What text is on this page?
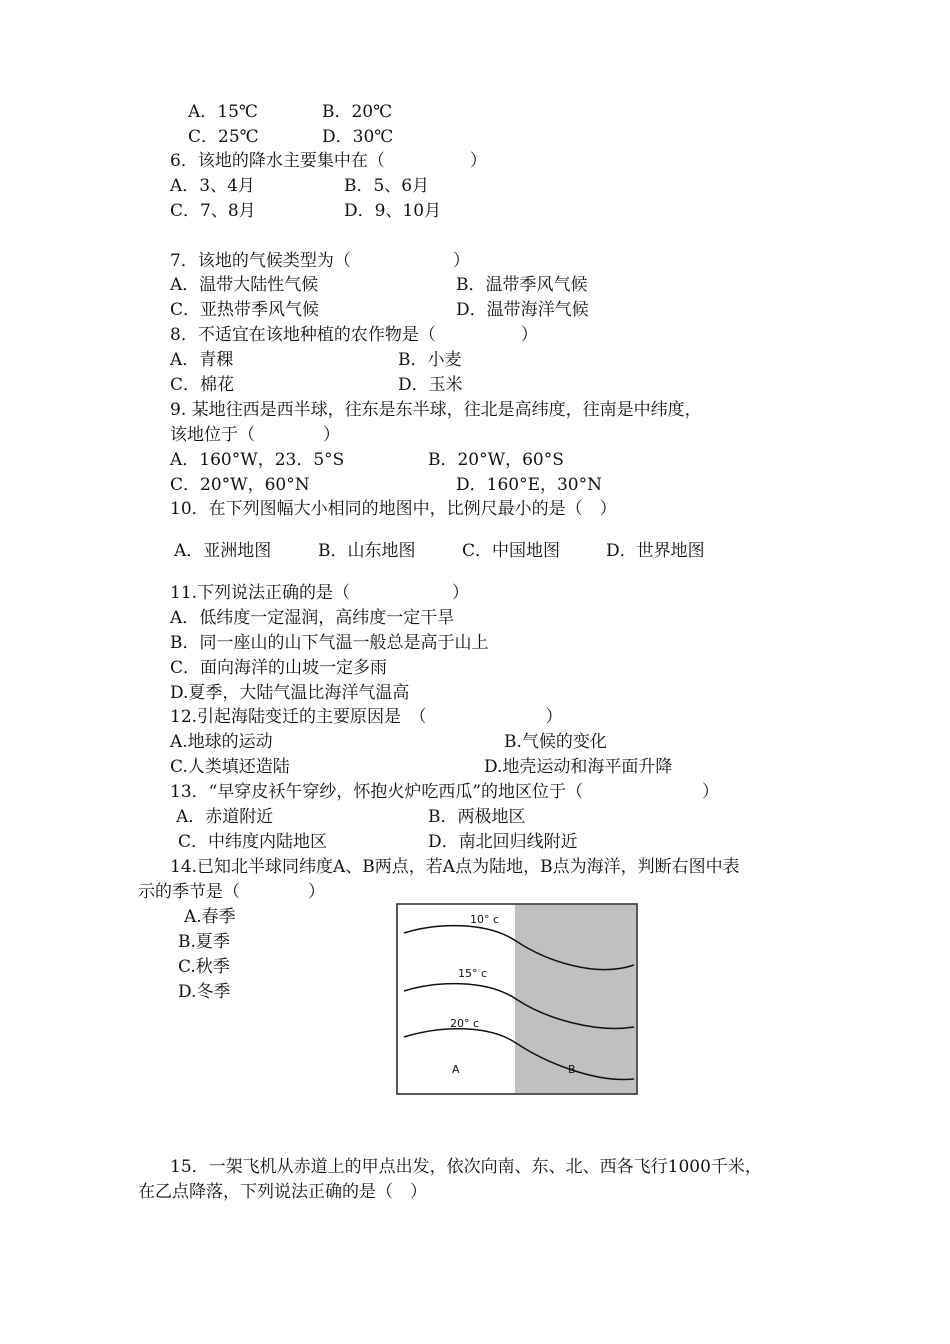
A．15℃	B．20℃
C．25℃	D．30℃
6．该地的降水主要集中在（　　　　　）
A．3、4月	B．5、6月
C．7、8月	D．9、10月
7．该地的气候类型为（　　　　　　）
A．温带大陆性气候	B．温带季风气候
C．亚热带季风气候	D．温带海洋气候
8．不适宜在该地种植的农作物是（　　　　　）
A．青稞	B．小麦
C．棉花	D．玉米
9. 某地往西是西半球，往东是东半球，往北是高纬度，往南是中纬度，
该地位于（　　　　）
A．160°W，23．5°S	B．20°W，60°S
C．20°W，60°N	D．160°E，30°N
10．在下列图幅大小相同的地图中，比例尺最小的是（　）
A．亚洲地图	B．山东地图	C．中国地图	D．世界地图
11.下列说法正确的是（　　　　　　）
A．低纬度一定湿润，高纬度一定干旱
B．同一座山的山下气温一般总是高于山上
C．面向海洋的山坡一定多雨
D.夏季，大陆气温比海洋气温高
12.引起海陆变迁的主要原因是　（　　　　　　　）
A.地球的运动	B.气候的变化
C.人类填还造陆	D.地壳运动和海平面升降
13．“早穿皮袄午穿纱，怀抱火炉吃西瓜”的地区位于（　　　　　　　）
A．赤道附近	B．两极地区
C．中纬度内陆地区	D．南北回归线附近
14.已知北半球同纬度A、B两点，若A点为陆地，B点为海洋，判断右图中表
示的季节是（　　　　）
A.春季
B.夏季
C.秋季
D.冬季
10° c
15° c
20° c
A	B
15．一架飞机从赤道上的甲点出发，依次向南、东、北、西各飞行1000千米，
在乙点降落，下列说法正确的是（　）
